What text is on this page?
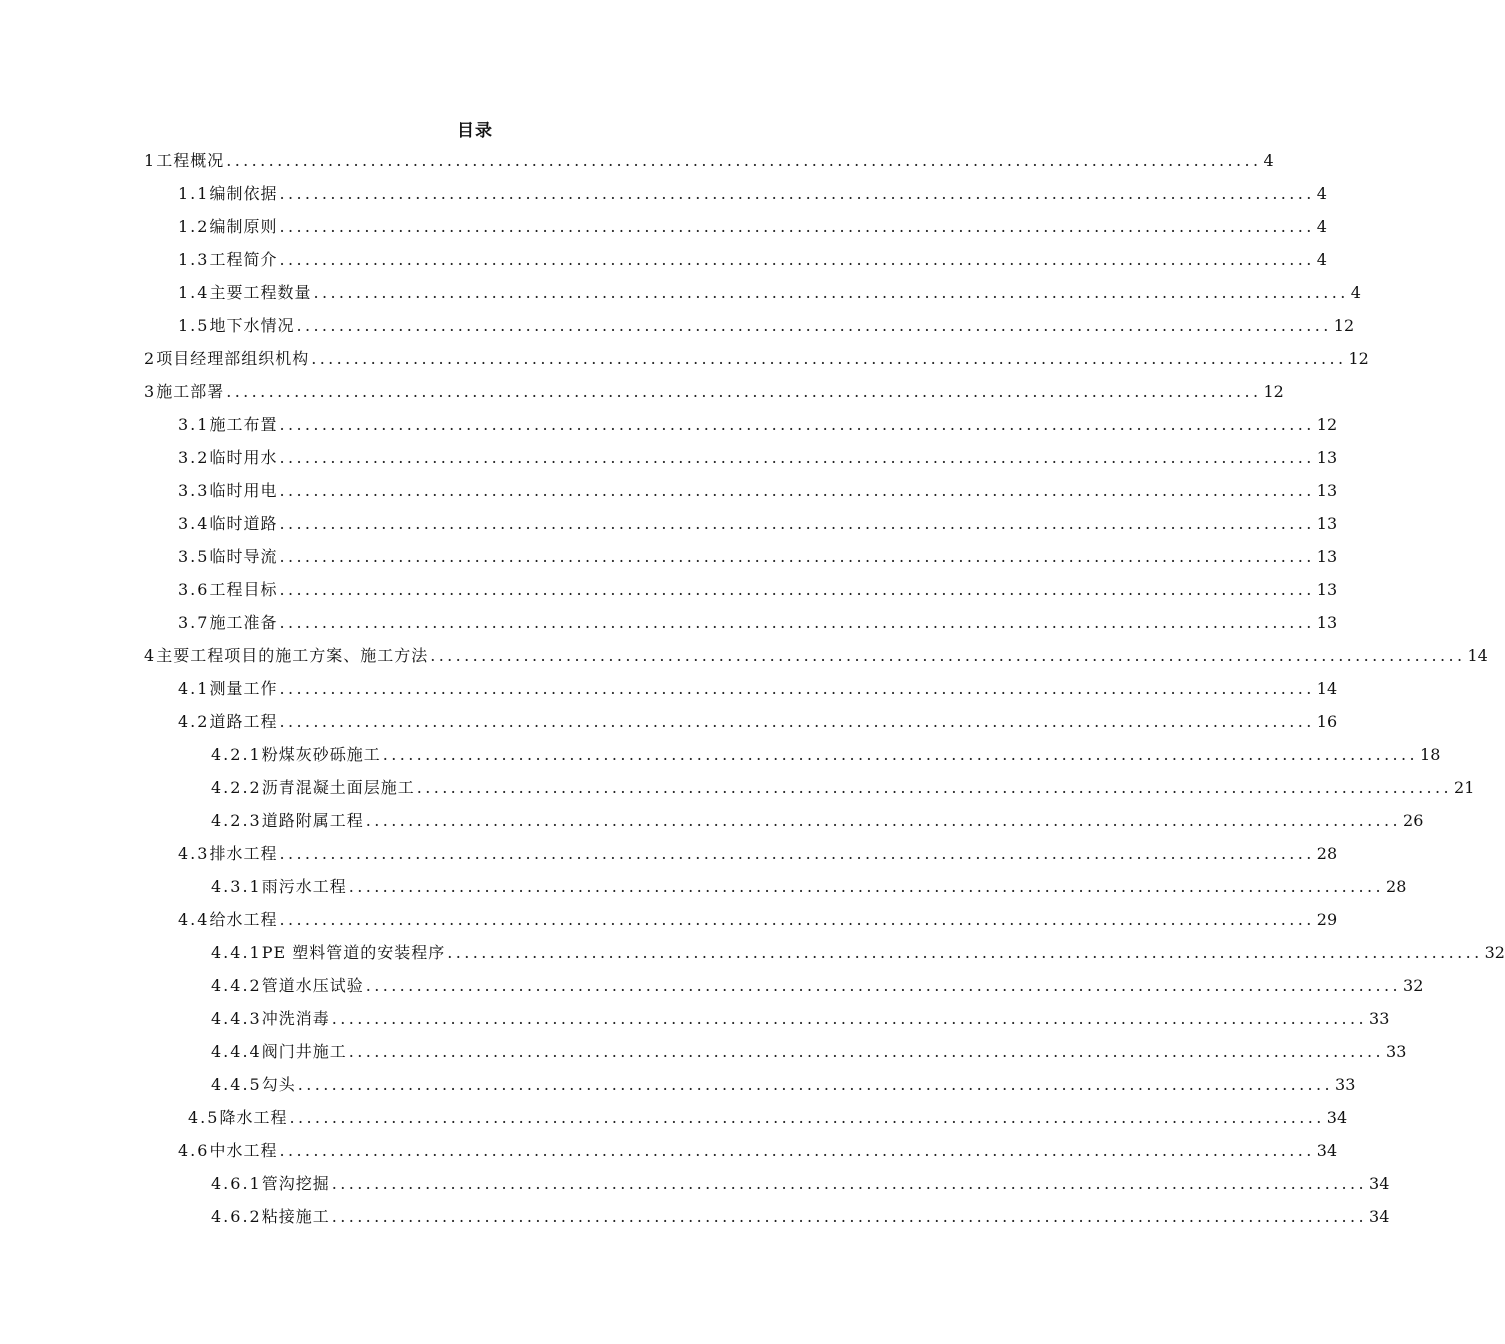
目录
1 工程概况 .......................................................................................................................... 4
1.1 编制依据 .......................................................................................................................... 4
1.2 编制原则 .......................................................................................................................... 4
1.3 工程简介 .......................................................................................................................... 4
1.4 主要工程数量 .......................................................................................................................... 4
1.5 地下水情况 .......................................................................................................................... 12
2 项目经理部组织机构 .......................................................................................................................... 12
3 施工部署 .......................................................................................................................... 12
3.1 施工布置 .......................................................................................................................... 12
3.2 临时用水 .......................................................................................................................... 13
3.3 临时用电 .......................................................................................................................... 13
3.4 临时道路 .......................................................................................................................... 13
3.5 临时导流 .......................................................................................................................... 13
3.6 工程目标 .......................................................................................................................... 13
3.7 施工准备 .......................................................................................................................... 13
4 主要工程项目的施工方案、施工方法 .......................................................................................................................... 14
4.1 测量工作 .......................................................................................................................... 14
4.2 道路工程 .......................................................................................................................... 16
4.2.1 粉煤灰砂砾施工 .......................................................................................................................... 18
4.2.2 沥青混凝土面层施工 .......................................................................................................................... 21
4.2.3 道路附属工程 .......................................................................................................................... 26
4.3 排水工程 .......................................................................................................................... 28
4.3.1 雨污水工程 .......................................................................................................................... 28
4.4 给水工程 .......................................................................................................................... 29
4.4.1 PE 塑料管道的安装程序 .......................................................................................................................... 32
4.4.2 管道水压试验 .......................................................................................................................... 32
4.4.3 冲洗消毒 .......................................................................................................................... 33
4.4.4 阀门井施工 .......................................................................................................................... 33
4.4.5 勾头 .......................................................................................................................... 33
4.5 降水工程 .......................................................................................................................... 34
4.6 中水工程 .......................................................................................................................... 34
4.6.1 管沟挖掘 .......................................................................................................................... 34
4.6.2 粘接施工 .......................................................................................................................... 34
